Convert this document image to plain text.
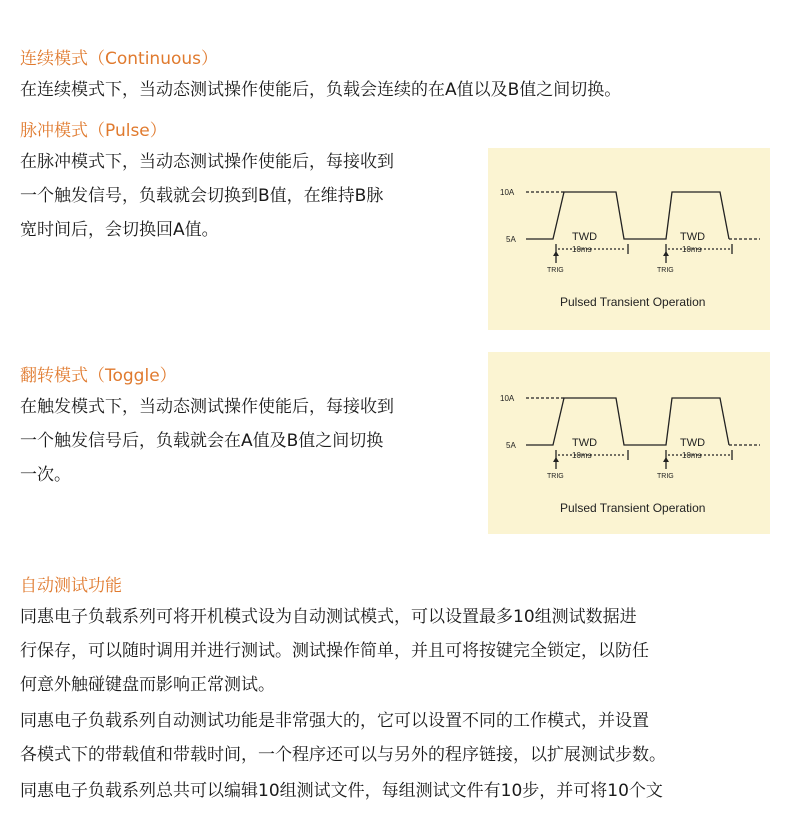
连续模式（Continuous）
在连续模式下，当动态测试操作使能后，负载会连续的在A值以及B值之间切换。
脉冲模式（Pulse）
在脉冲模式下，当动态测试操作使能后，每接收到
一个触发信号，负载就会切换到B值，在维持B脉
宽时间后，会切换回A值。
10A
5A	TWD	TWD
10ms	10ms
TRIG	TRIG
Pulsed Transient Operation
翻转模式（Toggle）
在触发模式下，当动态测试操作使能后，每接收到
一个触发信号后，负载就会在A值及B值之间切换
一次。
10A
5A	TWD	TWD
10ms	10ms
TRIG	TRIG
Pulsed Transient Operation
自动测试功能
同惠电子负载系列可将开机模式设为自动测试模式，可以设置最多10组测试数据进
行保存，可以随时调用并进行测试。测试操作简单，并且可将按键完全锁定，以防任
何意外触碰键盘而影响正常测试。
同惠电子负载系列自动测试功能是非常强大的，它可以设置不同的工作模式，并设置
各模式下的带载值和带载时间，一个程序还可以与另外的程序链接，以扩展测试步数。
同惠电子负载系列总共可以编辑10组测试文件，每组测试文件有10步，并可将10个文
